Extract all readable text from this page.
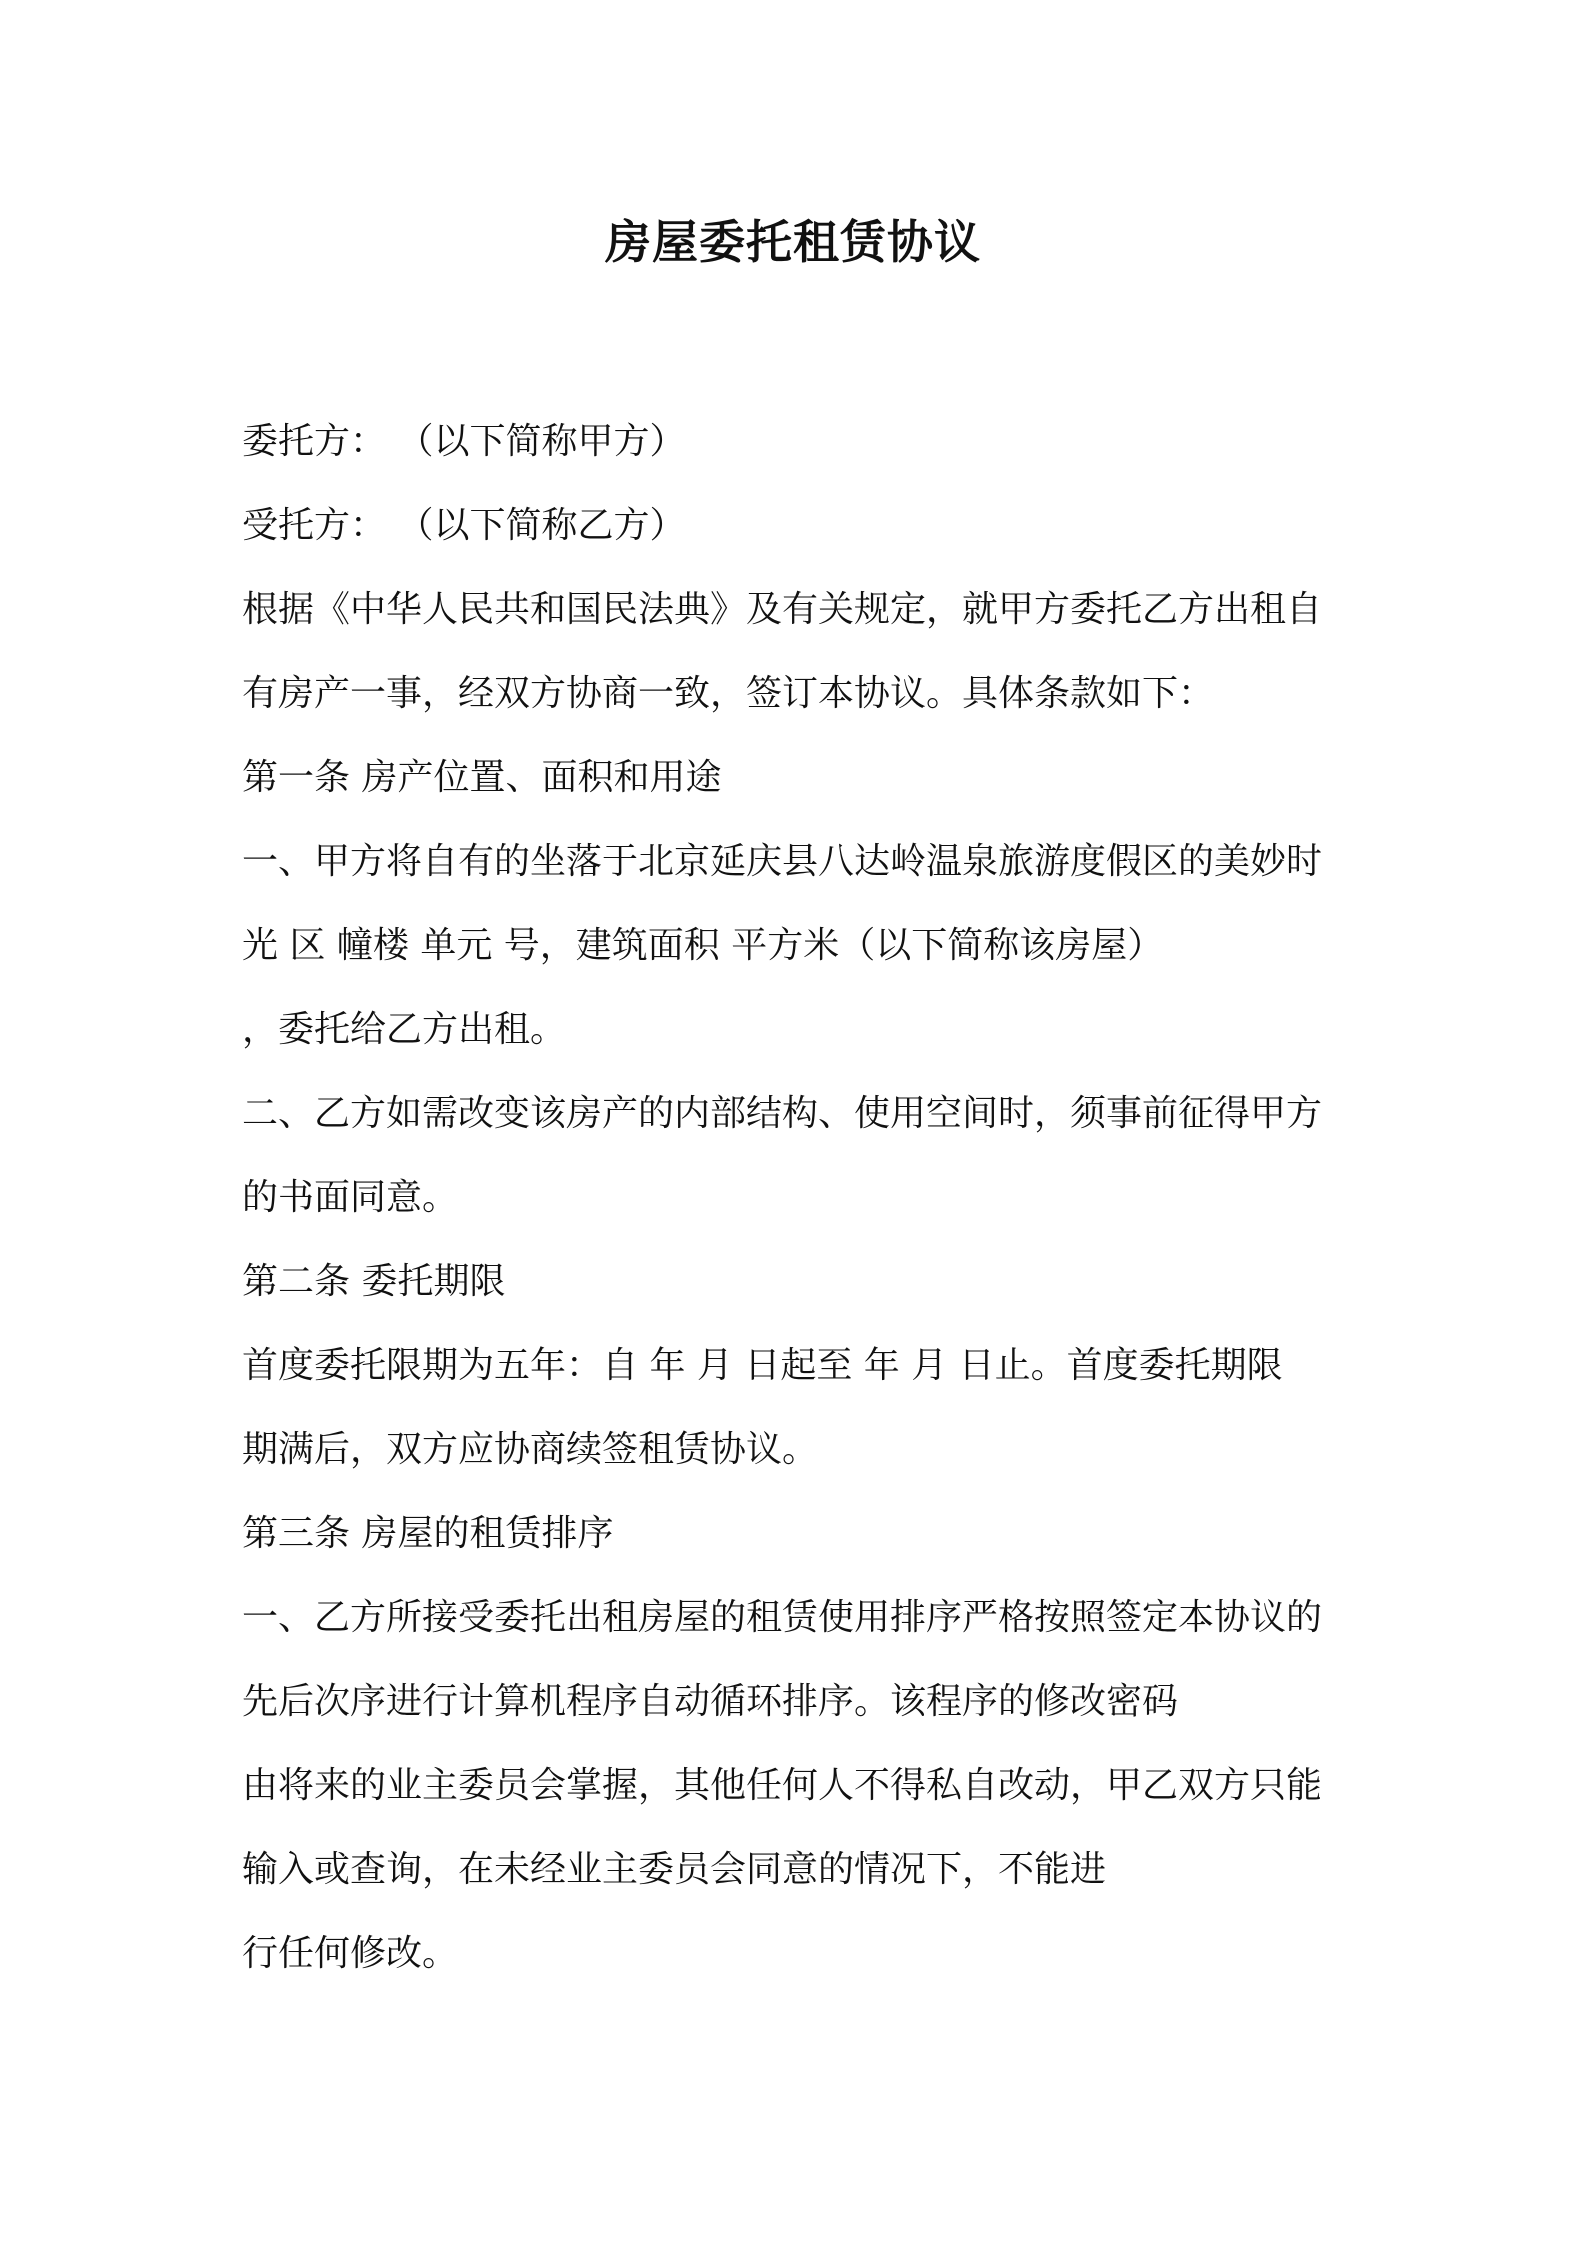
房屋委托租赁协议
委托方： （以下简称甲方）
受托方： （以下简称乙方）
根据《中华人民共和国民法典》及有关规定，就甲方委托乙方出租自
有房产一事，经双方协商一致，签订本协议。具体条款如下：
第一条 房产位置、面积和用途
一、甲方将自有的坐落于北京延庆县八达岭温泉旅游度假区的美妙时
光 区 幢楼 单元 号，建筑面积 平方米（以下简称该房屋）
，委托给乙方出租。
二、乙方如需改变该房产的内部结构、使用空间时，须事前征得甲方
的书面同意。
第二条 委托期限
首度委托限期为五年：自 年 月 日起至 年 月 日止。首度委托期限
期满后，双方应协商续签租赁协议。
第三条 房屋的租赁排序
一、乙方所接受委托出租房屋的租赁使用排序严格按照签定本协议的
先后次序进行计算机程序自动循环排序。该程序的修改密码
由将来的业主委员会掌握，其他任何人不得私自改动，甲乙双方只能
输入或查询，在未经业主委员会同意的情况下，不能进
行任何修改。
